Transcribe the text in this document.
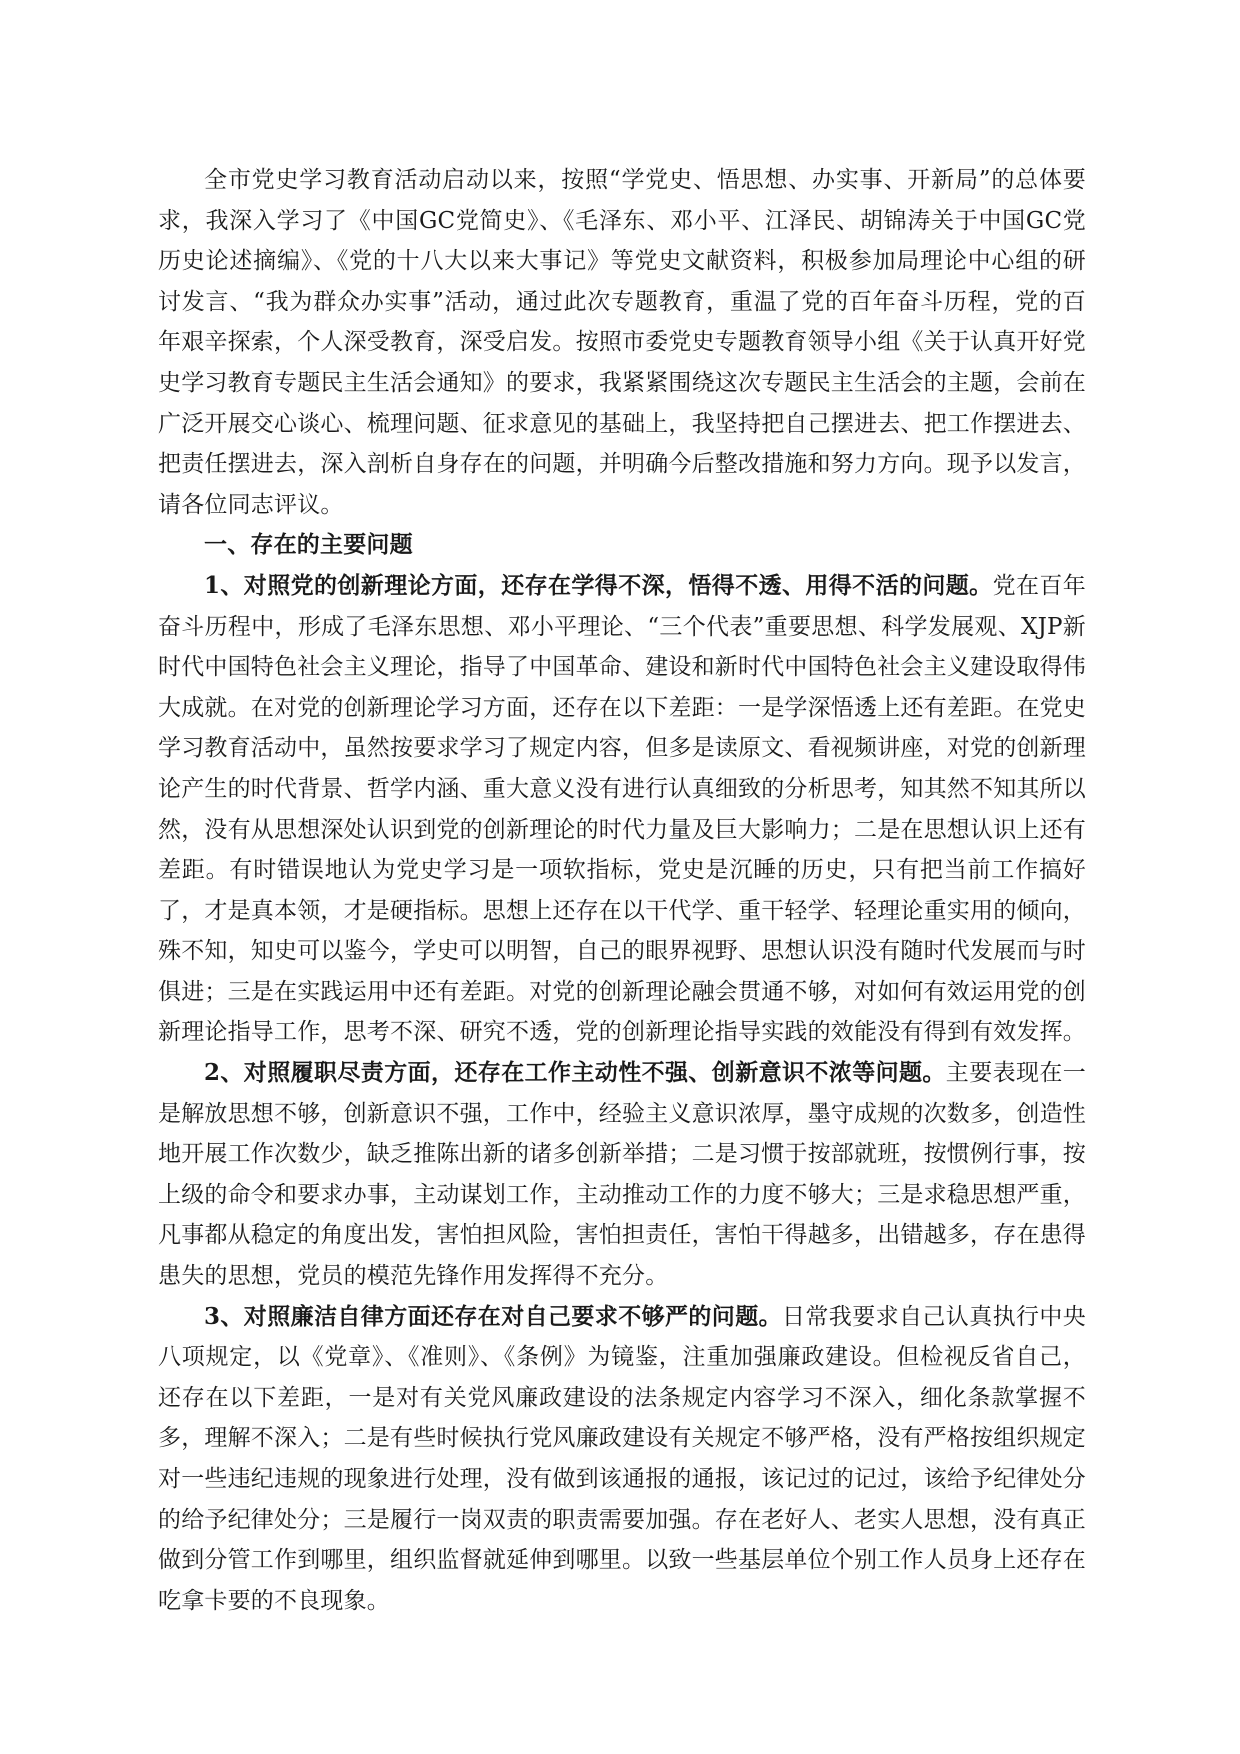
全市党史学习教育活动启动以来，按照“学党史、悟思想、办实事、开新局”的总体要求，我深入学习了《中国GC党简史》、《毛泽东、邓小平、江泽民、胡锦涛关于中国GC党历史论述摘编》、《党的十八大以来大事记》等党史文献资料，积极参加局理论中心组的研讨发言、“我为群众办实事”活动，通过此次专题教育，重温了党的百年奋斗历程，党的百年艰辛探索，个人深受教育，深受启发。按照市委党史专题教育领导小组《关于认真开好党史学习教育专题民主生活会通知》的要求，我紧紧围绕这次专题民主生活会的主题，会前在广泛开展交心谈心、梳理问题、征求意见的基础上，我坚持把自己摆进去、把工作摆进去、把责任摆进去，深入剖析自身存在的问题，并明确今后整改措施和努力方向。现予以发言，请各位同志评议。

一、存在的主要问题

1、对照党的创新理论方面，还存在学得不深，悟得不透、用得不活的问题。党在百年奋斗历程中，形成了毛泽东思想、邓小平理论、“三个代表”重要思想、科学发展观、XJP新时代中国特色社会主义理论，指导了中国革命、建设和新时代中国特色社会主义建设取得伟大成就。在对党的创新理论学习方面，还存在以下差距：一是学深悟透上还有差距。在党史学习教育活动中，虽然按要求学习了规定内容，但多是读原文、看视频讲座，对党的创新理论产生的时代背景、哲学内涵、重大意义没有进行认真细致的分析思考，知其然不知其所以然，没有从思想深处认识到党的创新理论的时代力量及巨大影响力；二是在思想认识上还有差距。有时错误地认为党史学习是一项软指标，党史是沉睡的历史，只有把当前工作搞好了，才是真本领，才是硬指标。思想上还存在以干代学、重干轻学、轻理论重实用的倾向，殊不知，知史可以鉴今，学史可以明智，自己的眼界视野、思想认识没有随时代发展而与时俱进；三是在实践运用中还有差距。对党的创新理论融会贯通不够，对如何有效运用党的创新理论指导工作，思考不深、研究不透，党的创新理论指导实践的效能没有得到有效发挥。

2、对照履职尽责方面，还存在工作主动性不强、创新意识不浓等问题。主要表现在一是解放思想不够，创新意识不强，工作中，经验主义意识浓厚，墨守成规的次数多，创造性地开展工作次数少，缺乏推陈出新的诸多创新举措；二是习惯于按部就班，按惯例行事，按上级的命令和要求办事，主动谋划工作，主动推动工作的力度不够大；三是求稳思想严重，凡事都从稳定的角度出发，害怕担风险，害怕担责任，害怕干得越多，出错越多，存在患得患失的思想，党员的模范先锋作用发挥得不充分。

3、对照廉洁自律方面还存在对自己要求不够严的问题。日常我要求自己认真执行中央八项规定，以《党章》、《准则》、《条例》为镜鉴，注重加强廉政建设。但检视反省自己，还存在以下差距，一是对有关党风廉政建设的法条规定内容学习不深入，细化条款掌握不多，理解不深入；二是有些时候执行党风廉政建设有关规定不够严格，没有严格按组织规定对一些违纪违规的现象进行处理，没有做到该通报的通报，该记过的记过，该给予纪律处分的给予纪律处分；三是履行一岗双责的职责需要加强。存在老好人、老实人思想，没有真正做到分管工作到哪里，组织监督就延伸到哪里。以致一些基层单位个别工作人员身上还存在吃拿卡要的不良现象。
